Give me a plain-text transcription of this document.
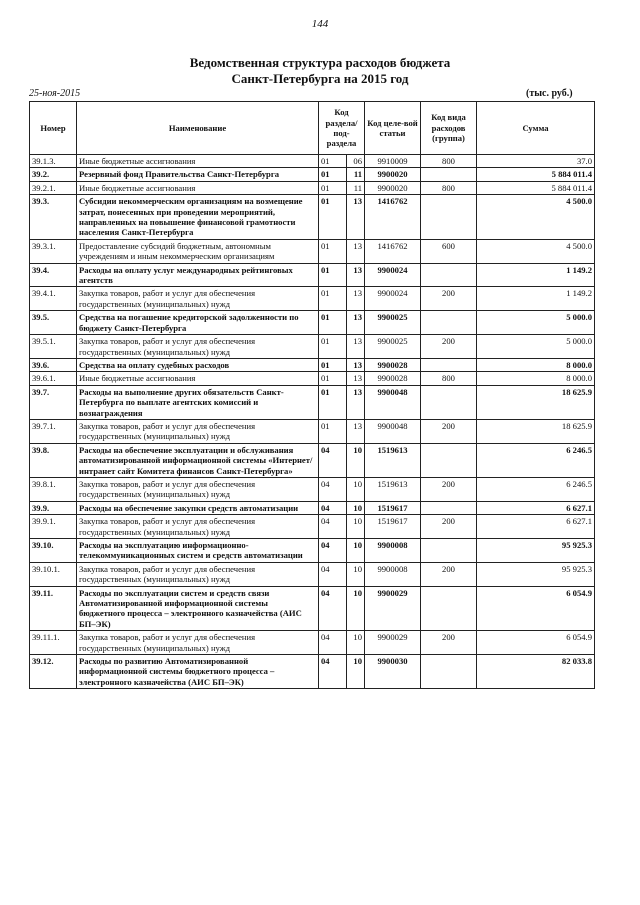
144
Ведомственная структура расходов бюджета
Санкт-Петербурга на 2015 год
25-ноя-2015	(тыс. руб.)
Номер	Наименование	Код раздела/ под-раздела		Код целе-вой статьи	Код вида расходов (группа)	Сумма
39.1.3.	Иные бюджетные ассигнования	01	06	9910009	800	37.0
39.2.	Резервный фонд Правительства Санкт-Петербурга	01	11	9900020		5 884 011.4
39.2.1.	Иные бюджетные ассигнования	01	11	9900020	800	5 884 011.4
39.3.	Субсидии некоммерческим организациям на возмещение затрат, понесенных при проведении мероприятий, направленных на повышение финансовой грамотности населения Санкт-Петербурга	01	13	1416762		4 500.0
39.3.1.	Предоставление субсидий бюджетным, автономным учреждениям и иным некоммерческим организациям	01	13	1416762	600	4 500.0
39.4.	Расходы на оплату услуг международных рейтинговых агентств	01	13	9900024		1 149.2
39.4.1.	Закупка товаров, работ и услуг для обеспечения государственных (муниципальных) нужд	01	13	9900024	200	1 149.2
39.5.	Средства на погашение кредиторской задолженности по бюджету Санкт-Петербурга	01	13	9900025		5 000.0
39.5.1.	Закупка товаров, работ и услуг для обеспечения государственных (муниципальных) нужд	01	13	9900025	200	5 000.0
39.6.	Средства на оплату судебных расходов	01	13	9900028		8 000.0
39.6.1.	Иные бюджетные ассигнования	01	13	9900028	800	8 000.0
39.7.	Расходы на выполнение других обязательств Санкт-Петербурга по выплате агентских комиссий и вознаграждения	01	13	9900048		18 625.9
39.7.1.	Закупка товаров, работ и услуг для обеспечения государственных (муниципальных) нужд	01	13	9900048	200	18 625.9
39.8.	Расходы на обеспечение эксплуатации и обслуживания автоматизированной информационной системы «Интернет/интранет сайт Комитета финансов Санкт-Петербурга»	04	10	1519613		6 246.5
39.8.1.	Закупка товаров, работ и услуг для обеспечения государственных (муниципальных) нужд	04	10	1519613	200	6 246.5
39.9.	Расходы на обеспечение закупки средств автоматизации	04	10	1519617		6 627.1
39.9.1.	Закупка товаров, работ и услуг для обеспечения государственных (муниципальных) нужд	04	10	1519617	200	6 627.1
39.10.	Расходы на эксплуатацию информационно-телекоммуникационных систем и средств автоматизации	04	10	9900008		95 925.3
39.10.1.	Закупка товаров, работ и услуг для обеспечения государственных (муниципальных) нужд	04	10	9900008	200	95 925.3
39.11.	Расходы по эксплуатации систем и средств связи Автоматизированной информационной системы бюджетного процесса – электронного казначейства (АИС БП–ЭК)	04	10	9900029		6 054.9
39.11.1.	Закупка товаров, работ и услуг для обеспечения государственных (муниципальных) нужд	04	10	9900029	200	6 054.9
39.12.	Расходы по развитию Автоматизированной информационной системы бюджетного процесса – электронного казначейства (АИС БП–ЭК)	04	10	9900030		82 033.8
